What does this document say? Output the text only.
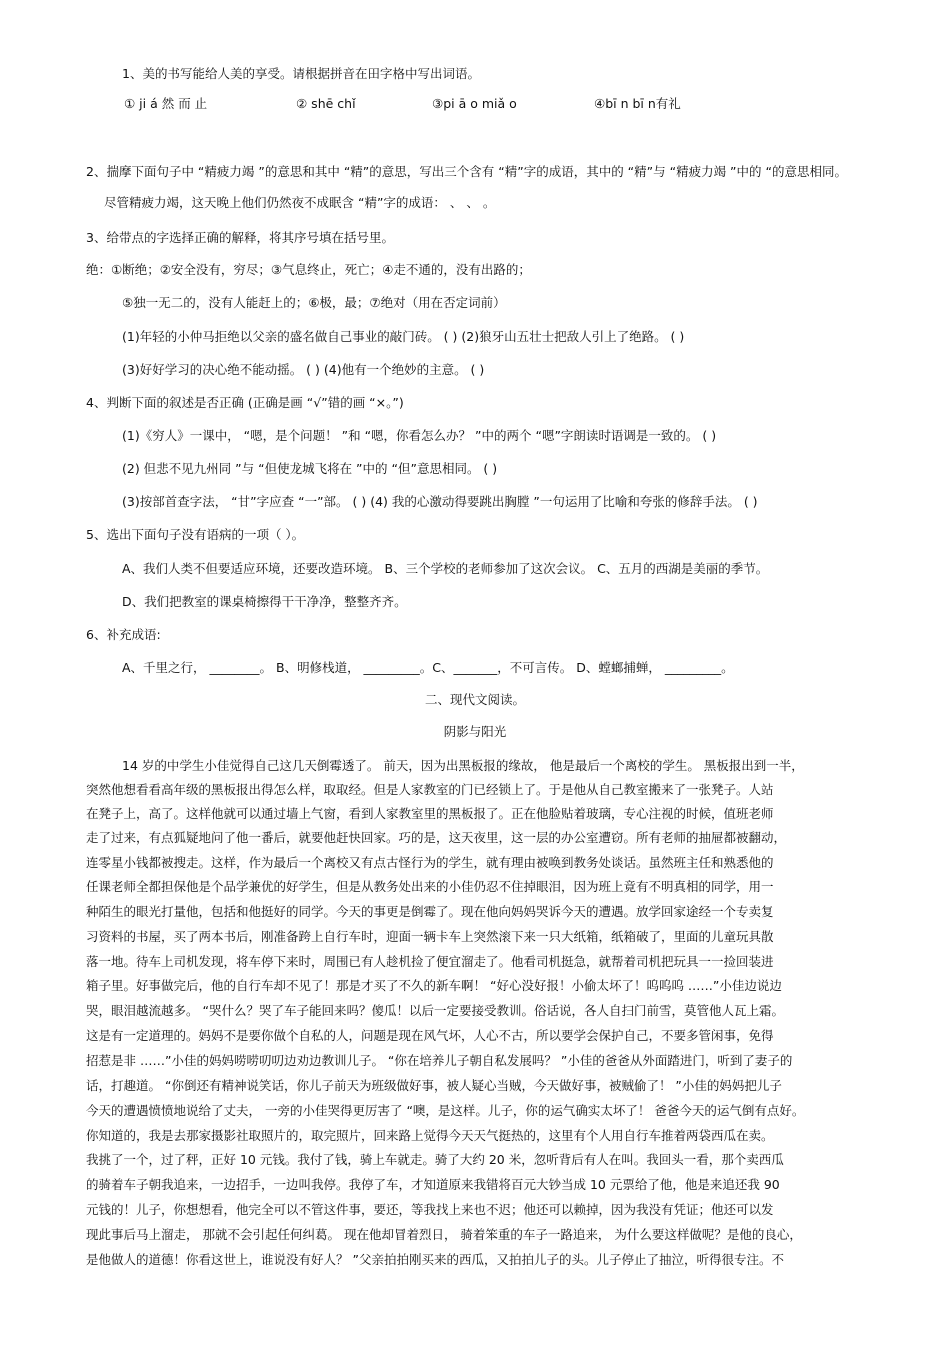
1、美的书写能给人美的享受。请根据拼音在田字格中写出词语。
① ji á 然 而 止	② shē chǐ	③pi ā o miǎ o	④bī n bī n有礼
2、揣摩下面句子中 “精疲力竭 ”的意思和其中 “精”的意思，写出三个含有 “精”字的成语，其中的 “精”与 “精疲力竭 ”中的 “的意思相同。
尽管精疲力竭，这天晚上他们仍然夜不成眠含 “精”字的成语： 、 、 。
3、给带点的字选择正确的解释，将其序号填在括号里。
绝：①断绝；②安全没有，穷尽；③气息终止，死亡；④走不通的，没有出路的；
⑤独一无二的，没有人能赶上的；⑥极，最；⑦绝对（用在否定词前）
(1)年轻的小仲马拒绝以父亲的盛名做自己事业的敲门砖。 ( ) (2)狼牙山五壮士把敌人引上了绝路。 ( )
(3)好好学习的决心绝不能动摇。 ( ) (4)他有一个绝妙的主意。 ( )
4、判断下面的叙述是否正确 (正确是画 “√”错的画 “×。”)
(1)《穷人》一课中， “嗯，是个问题！ ”和 “嗯，你看怎么办？ ”中的两个 “嗯”字朗读时语调是一致的。 ( )
(2) 但悲不见九州同 ”与 “但使龙城飞将在 ”中的 “但”意思相同。 ( )
(3)按部首查字法， “甘”字应查 “一”部。 ( ) (4) 我的心激动得要跳出胸膛 ”一句运用了比喻和夸张的修辞手法。 ( )
5、选出下面句子没有语病的一项（ ）。
A、我们人类不但要适应环境，还要改造环境。 B、三个学校的老师参加了这次会议。 C、五月的西湖是美丽的季节。
D、我们把教室的课桌椅擦得干干净净，整整齐齐。
6、补充成语:
A、千里之行， ________。 B、明修栈道， _________。C、_______，不可言传。 D、螳螂捕蝉， _________。
二、现代文阅读。
阴影与阳光
14 岁的中学生小佳觉得自己这几天倒霉透了。 前天，因为出黑板报的缘故， 他是最后一个离校的学生。 黑板报出到一半，
突然他想看看高年级的黑板报出得怎么样，取取经。但是人家教室的门已经锁上了。于是他从自己教室搬来了一张凳子。人站
在凳子上，高了。这样他就可以通过墙上气窗，看到人家教室里的黑板报了。正在他脸贴着玻璃，专心注视的时候，值班老师
走了过来，有点狐疑地问了他一番后，就要他赶快回家。巧的是，这天夜里，这一层的办公室遭窃。所有老师的抽屉都被翻动，
连零星小钱都被搜走。这样，作为最后一个离校又有点古怪行为的学生，就有理由被唤到教务处谈话。虽然班主任和熟悉他的
任课老师全都担保他是个品学兼优的好学生，但是从教务处出来的小佳仍忍不住掉眼泪，因为班上竟有不明真相的同学，用一
种陌生的眼光打量他，包括和他挺好的同学。今天的事更是倒霉了。现在他向妈妈哭诉今天的遭遇。放学回家途经一个专卖复
习资料的书屋，买了两本书后，刚准备跨上自行车时，迎面一辆卡车上突然滚下来一只大纸箱，纸箱破了，里面的儿童玩具散
落一地。待车上司机发现，将车停下来时，周围已有人趁机捡了便宜溜走了。他看司机挺急，就帮着司机把玩具一一捡回装进
箱子里。好事做完后，他的自行车却不见了！那是才买了不久的新车啊！ “好心没好报！小偷太坏了！呜呜呜 ……”小佳边说边
哭，眼泪越流越多。 “哭什么？哭了车子能回来吗？傻瓜！以后一定要接受教训。俗话说，各人自扫门前雪，莫管他人瓦上霜。
这是有一定道理的。妈妈不是要你做个自私的人，问题是现在风气坏，人心不古，所以要学会保护自己，不要多管闲事，免得
招惹是非 ……”小佳的妈妈唠唠叨叨边劝边教训儿子。 “你在培养儿子朝自私发展吗？ ”小佳的爸爸从外面踏进门，听到了妻子的
话，打趣道。 “你倒还有精神说笑话，你儿子前天为班级做好事，被人疑心当贼，今天做好事，被贼偷了！ ”小佳的妈妈把儿子
今天的遭遇愤愤地说给了丈夫， 一旁的小佳哭得更厉害了 “噢，是这样。儿子，你的运气确实太坏了！ 爸爸今天的运气倒有点好。
你知道的，我是去那家摄影社取照片的，取完照片，回来路上觉得今天天气挺热的，这里有个人用自行车推着两袋西瓜在卖。
我挑了一个，过了秤，正好 10 元钱。我付了钱，骑上车就走。骑了大约 20 米，忽听背后有人在叫。我回头一看，那个卖西瓜
的骑着车子朝我追来，一边招手，一边叫我停。我停了车，才知道原来我错将百元大钞当成 10 元票给了他，他是来追还我 90
元钱的！儿子，你想想看，他完全可以不管这件事，要还，等我找上来也不迟；他还可以赖掉，因为我没有凭证；他还可以发
现此事后马上溜走， 那就不会引起任何纠葛。 现在他却冒着烈日， 骑着笨重的车子一路追来， 为什么要这样做呢？是他的良心，
是他做人的道德！你看这世上，谁说没有好人？ ”父亲拍拍刚买来的西瓜，又拍拍儿子的头。儿子停止了抽泣，听得很专注。不
